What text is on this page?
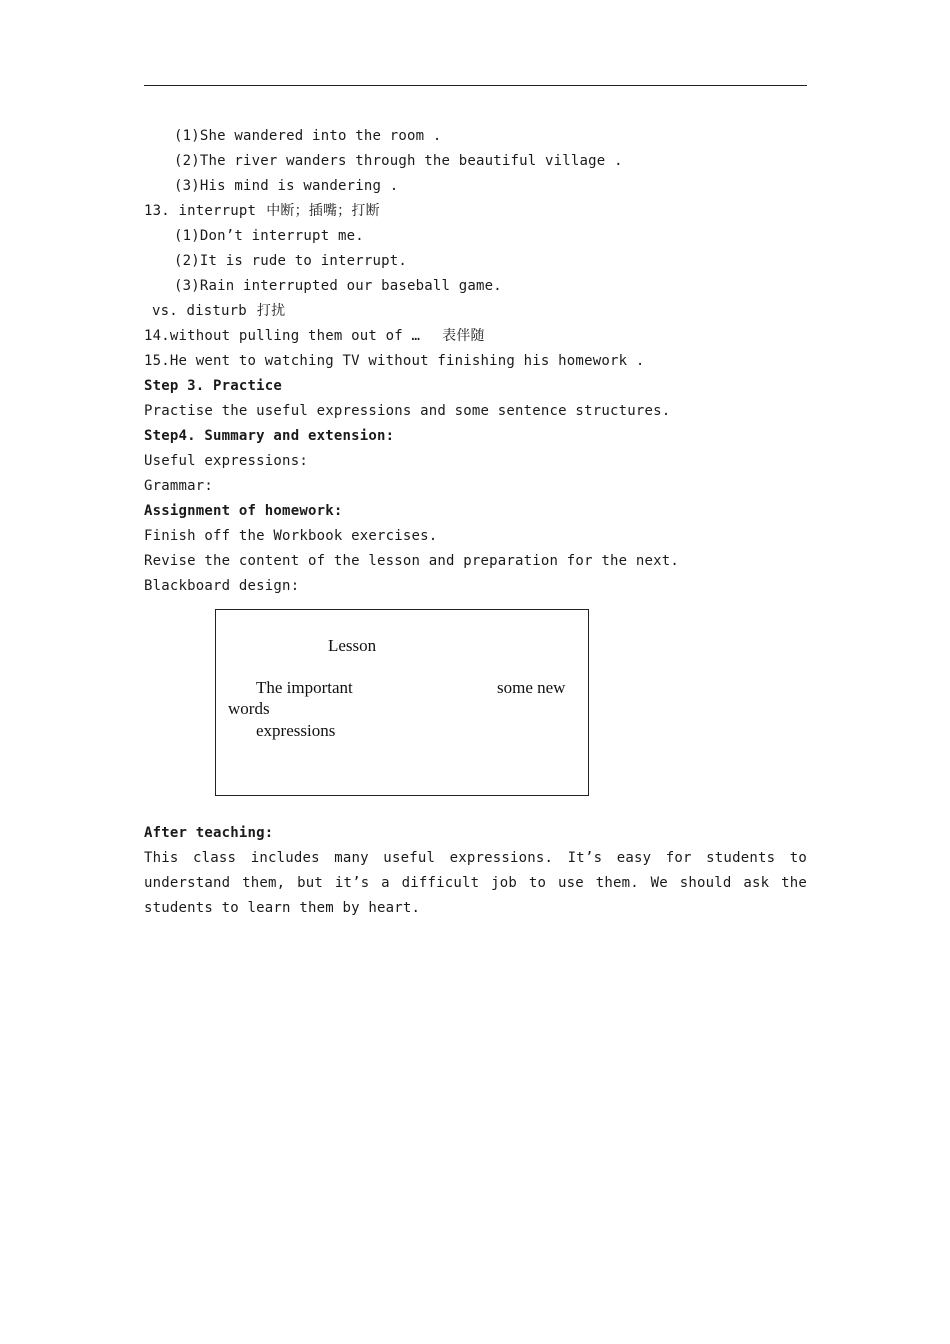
(1)She wandered into the room .
(2)The river wanders through the beautiful village .
(3)His mind is wandering .
13. interrupt 中断；插嘴；打断
(1)Don’t interrupt me.
(2)It is rude to interrupt.
(3)Rain interrupted our baseball game.
vs. disturb 打扰
14.without pulling them out of … 表伴随
15.He went to watching TV without finishing his homework .
Step 3. Practice
Practise the useful expressions and some sentence structures.
Step4. Summary and extension:
Useful expressions:
Grammar:
Assignment of homework:
Finish off the Workbook exercises.
Revise the content of the lesson and preparation for the next.
Blackboard design:
Lesson
The important	some new
words
expressions
After teaching:
This class includes many useful expressions. It’s easy for students to understand them, but it’s a difficult job to use them. We should ask the students to learn them by heart.
